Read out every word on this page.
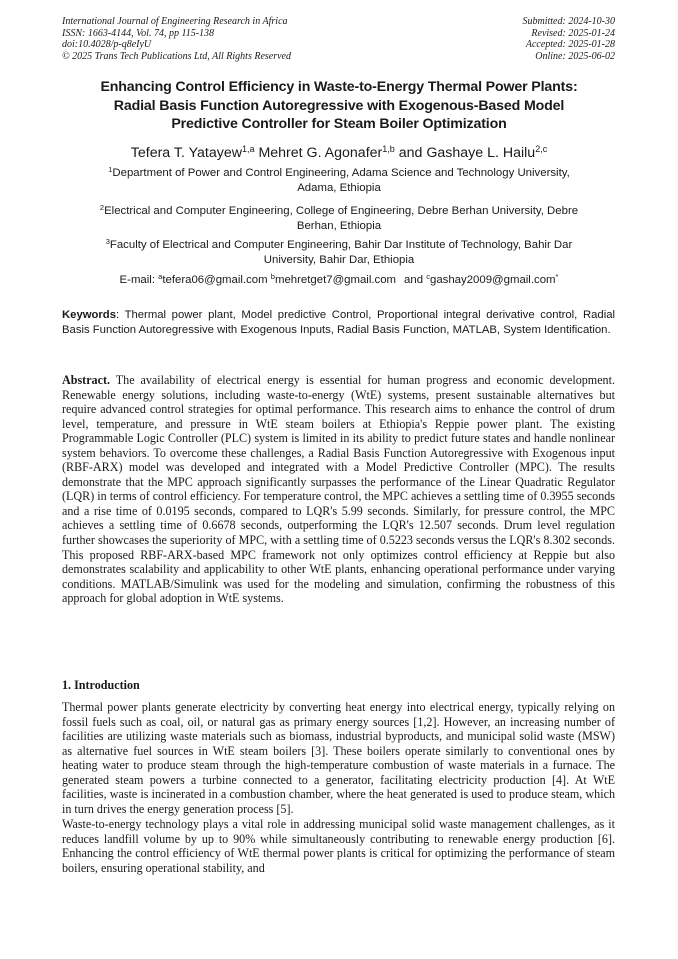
International Journal of Engineering Research in Africa
ISSN: 1663-4144, Vol. 74, pp 115-138
doi:10.4028/p-q8eIyU
© 2025 Trans Tech Publications Ltd, All Rights Reserved
Submitted: 2024-10-30
Revised: 2025-01-24
Accepted: 2025-01-28
Online: 2025-06-02
Enhancing Control Efficiency in Waste-to-Energy Thermal Power Plants:
Radial Basis Function Autoregressive with Exogenous-Based Model
Predictive Controller for Steam Boiler Optimization
Tefera T. Yatayew$^{1,a}$ Mehret G. Agonafer$^{1,b}$ and Gashaye L. Hailu$^{2,c}$
$^1$Department of Power and Control Engineering, Adama Science and Technology University,
Adama, Ethiopia
$^2$Electrical and Computer Engineering, College of Engineering, Debre Berhan University, Debre
Berhan, Ethiopia
$^3$Faculty of Electrical and Computer Engineering, Bahir Dar Institute of Technology, Bahir Dar
University, Bahir Dar, Ethiopia
E-mail: $^a$tefera06@gmail.com $^b$mehretget7@gmail.com and $^c$gashay2009@gmail.com*
Keywords: Thermal power plant, Model predictive Control, Proportional integral derivative control, Radial Basis Function Autoregressive with Exogenous Inputs, Radial Basis Function, MATLAB, System Identification.
Abstract. The availability of electrical energy is essential for human progress and economic development. Renewable energy solutions, including waste-to-energy (WtE) systems, present sustainable alternatives but require advanced control strategies for optimal performance. This research aims to enhance the control of drum level, temperature, and pressure in WtE steam boilers at Ethiopia's Reppie power plant. The existing Programmable Logic Controller (PLC) system is limited in its ability to predict future states and handle nonlinear system behaviors. To overcome these challenges, a Radial Basis Function Autoregressive with Exogenous input (RBF-ARX) model was developed and integrated with a Model Predictive Controller (MPC). The results demonstrate that the MPC approach significantly surpasses the performance of the Linear Quadratic Regulator (LQR) in terms of control efficiency. For temperature control, the MPC achieves a settling time of 0.3955 seconds and a rise time of 0.0195 seconds, compared to LQR's 5.99 seconds. Similarly, for pressure control, the MPC achieves a settling time of 0.6678 seconds, outperforming the LQR's 12.507 seconds. Drum level regulation further showcases the superiority of MPC, with a settling time of 0.5223 seconds versus the LQR's 8.302 seconds. This proposed RBF-ARX-based MPC framework not only optimizes control efficiency at Reppie but also demonstrates scalability and applicability to other WtE plants, enhancing operational performance under varying conditions. MATLAB/Simulink was used for the modeling and simulation, confirming the robustness of this approach for global adoption in WtE systems.
1. Introduction
Thermal power plants generate electricity by converting heat energy into electrical energy, typically relying on fossil fuels such as coal, oil, or natural gas as primary energy sources [1,2]. However, an increasing number of facilities are utilizing waste materials such as biomass, industrial byproducts, and municipal solid waste (MSW) as alternative fuel sources in WtE steam boilers [3]. These boilers operate similarly to conventional ones by heating water to produce steam through the high-temperature combustion of waste materials in a furnace. The generated steam powers a turbine connected to a generator, facilitating electricity production [4]. At WtE facilities, waste is incinerated in a combustion chamber, where the heat generated is used to produce steam, which in turn drives the energy generation process [5].
Waste-to-energy technology plays a vital role in addressing municipal solid waste management challenges, as it reduces landfill volume by up to 90% while simultaneously contributing to renewable energy production [6]. Enhancing the control efficiency of WtE thermal power plants is critical for optimizing the performance of steam boilers, ensuring operational stability, and
